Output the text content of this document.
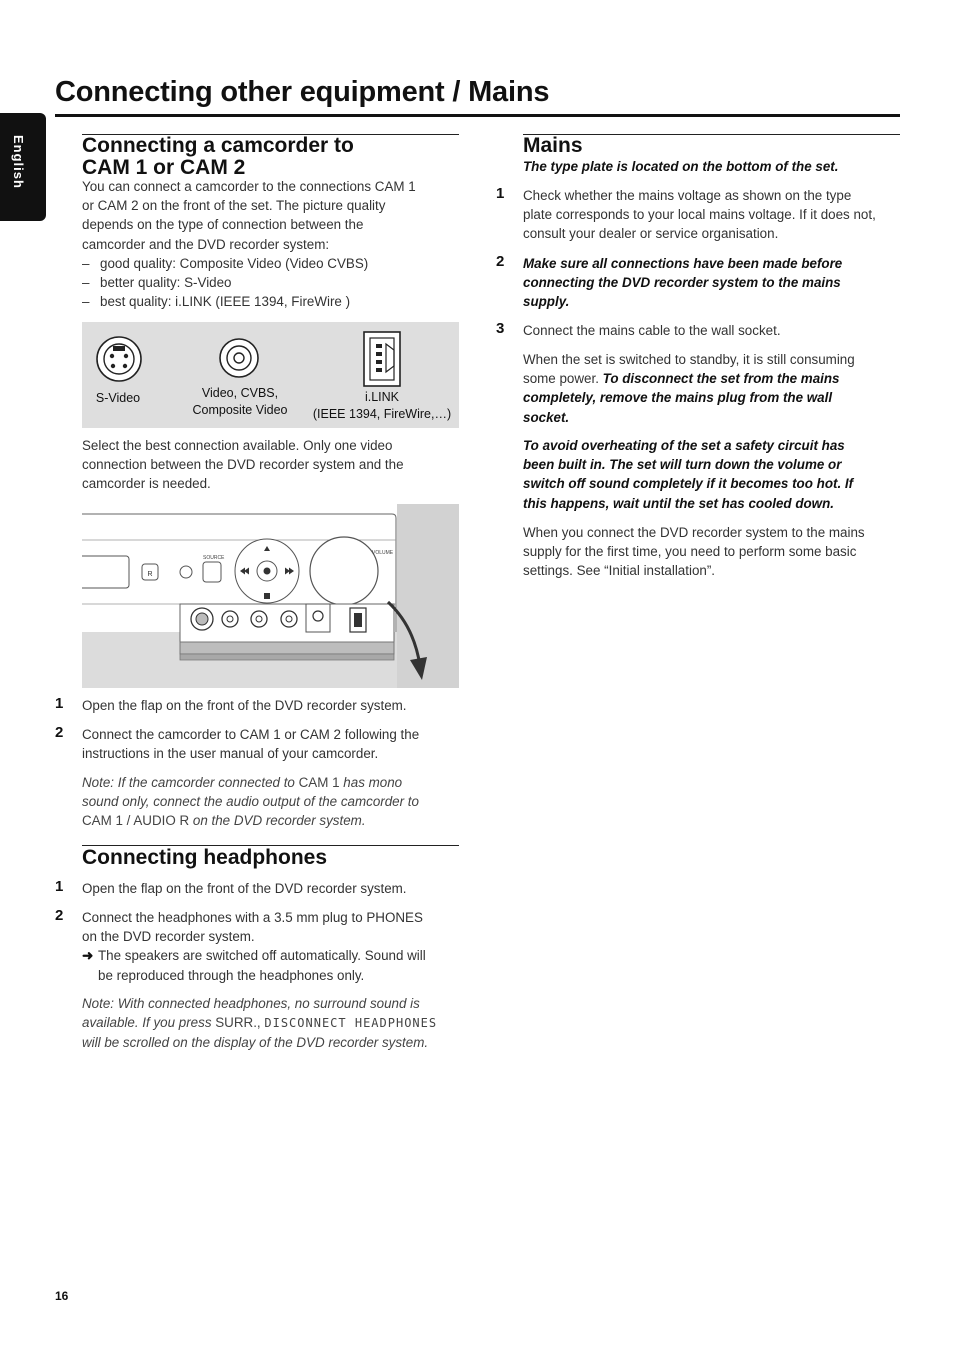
Connecting other equipment / Mains
English	Connecting a camcorder to
CAM 1 or CAM 2
You can connect a camcorder to the connections CAM 1
or CAM 2 on the front of the set. The picture quality
depends on the type of connection between the
camcorder and the DVD recorder system:
– good quality: Composite Video (Video CVBS)
– better quality: S-Video
– best quality: i.LINK (IEEE 1394, FireWire )
S-Video	Video, CVBS,
Composite Video
i.LINK
(IEEE 1394, FireWire,…)
Select the best connection available. Only one video
connection between the DVD recorder system and the
camcorder is needed.
R
SOURCE
VOLUME
1 Open the flap on the front of the DVD recorder system.
2 Connect the camcorder to CAM 1 or CAM 2 following the
instructions in the user manual of your camcorder.
Note: If the camcorder connected to CAM 1 has mono
sound only, connect the audio output of the camcorder to
CAM 1 / AUDIO R on the DVD recorder system.
Connecting headphones
1 Open the flap on the front of the DVD recorder system.
2 Connect the headphones with a 3.5 mm plug to PHONES
on the DVD recorder system.
➜ The speakers are switched off automatically. Sound will
be reproduced through the headphones only.
Note: With connected headphones, no surround sound is
available. If you press SURR., DISCONNECT HEADPHONES
will be scrolled on the display of the DVD recorder system.
Mains
The type plate is located on the bottom of the set.
1 Check whether the mains voltage as shown on the type
plate corresponds to your local mains voltage. If it does not,
consult your dealer or service organisation.
2 Make sure all connections have been made before
connecting the DVD recorder system to the mains
supply.
3 Connect the mains cable to the wall socket.
When the set is switched to standby, it is still consuming
some power. To disconnect the set from the mains
completely, remove the mains plug from the wall
socket.
To avoid overheating of the set a safety circuit has
been built in. The set will turn down the volume or
switch off sound completely if it becomes too hot. If
this happens, wait until the set has cooled down.
When you connect the DVD recorder system to the mains
supply for the first time, you need to perform some basic
settings. See “Initial installation”.
16
